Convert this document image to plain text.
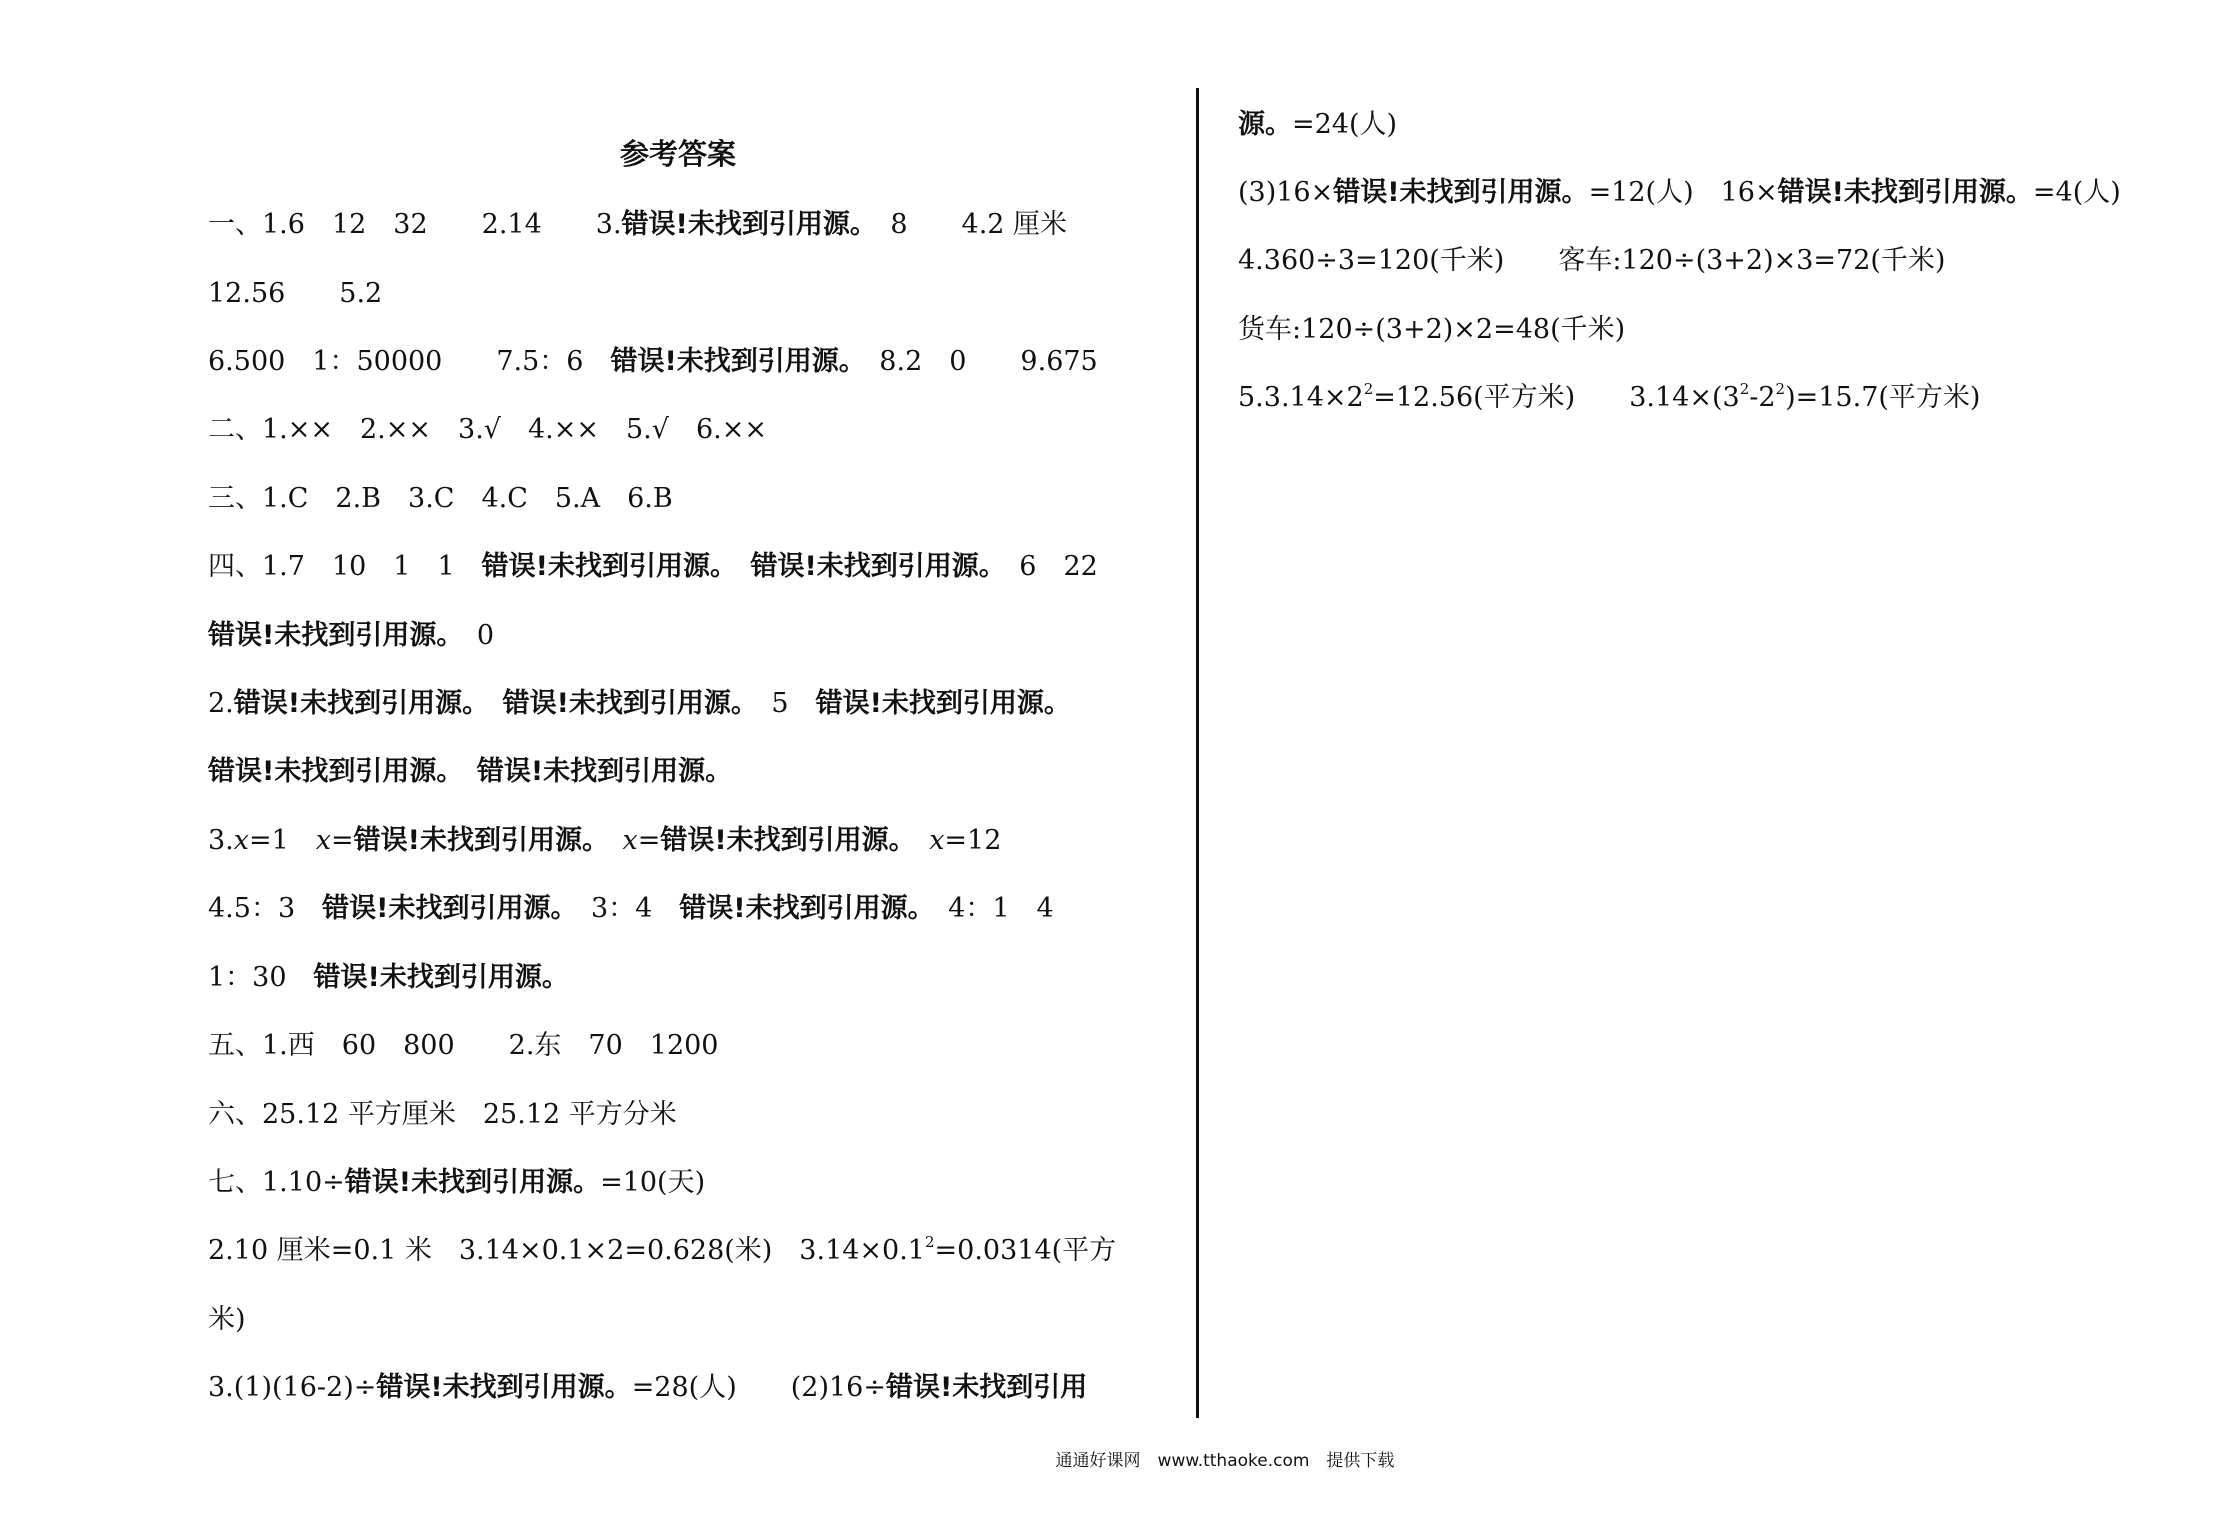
参考答案
一、1.6　12　32　　2.14　　3.错误!未找到引用源。　8　　4.2 厘米
12.56　　5.2
6.500　1：50000　　7.5：6　错误!未找到引用源。　8.2　0　　9.675
二、1.××　2.××　3.√　4.××　5.√　6.××
三、1.C　2.B　3.C　4.C　5.A　6.B
四、1.7　10　1　1　错误!未找到引用源。　 错误!未找到引用源。　6　22
错误!未找到引用源。　0
2.错误!未找到引用源。　 错误!未找到引用源。　5　错误!未找到引用源。
错误!未找到引用源。　 错误!未找到引用源。
3.x=1　x=错误!未找到引用源。　 x=错误!未找到引用源。　 x=12
4.5：3　错误!未找到引用源。　3：4　错误!未找到引用源。　4：1　4
1：30　错误!未找到引用源。
五、1.西　60　800　　2.东　70　1200
六、25.12 平方厘米　25.12 平方分米
七、1.10÷错误!未找到引用源。=10(天)
2.10 厘米=0.1 米　3.14×0.1×2=0.628(米)　$3.14\times 0.1^2=0.0314$(平方
米)
3.(1)(16-2)÷错误!未找到引用源。=28(人)　　(2)16÷错误!未找到引用
源。=24(人)
(3)16×错误!未找到引用源。=12(人)　16×错误!未找到引用源。=4(人)
4.360÷3=120(千米)　　客车:120÷(3+2)×3=72(千米)
货车:120÷(3+2)×2=48(千米)
$5.3.14\times 2^2=12.56$(平方米)　　$3.14\times(3^2-2^2)=15.7$(平方米)
通通好课网　www.tthaoke.com　提供下载
